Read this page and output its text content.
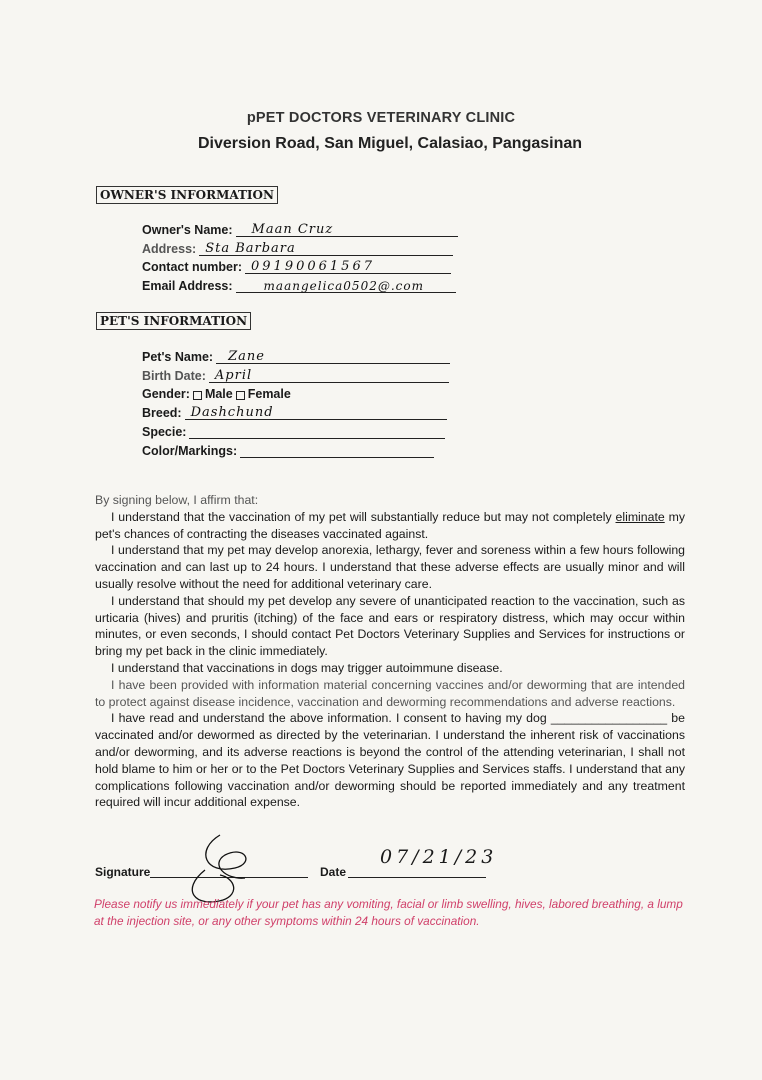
pPET DOCTORS VETERINARY CLINIC
Diversion Road, San Miguel, Calasiao, Pangasinan
OWNER'S INFORMATION
Owner's Name: Maan Cruz
Address: Sta Barbara
Contact number: 09190061567
Email Address:	maangelica0502@.com
PET'S INFORMATION
Pet's Name: Zane
Birth Date: April
Gender: Male Female
Breed: Dashchund
Specie:
Color/Markings:
By signing below, I affirm that:

I understand that the vaccination of my pet will substantially reduce but may not completely eliminate my pet's chances of contracting the diseases vaccinated against.

I understand that my pet may develop anorexia, lethargy, fever and soreness within a few hours following vaccination and can last up to 24 hours. I understand that these adverse effects are usually minor and will usually resolve without the need for additional veterinary care.

I understand that should my pet develop any severe of unanticipated reaction to the vaccination, such as urticaria (hives) and pruritis (itching) of the face and ears or respiratory distress, which may occur within minutes, or even seconds, I should contact Pet Doctors Veterinary Supplies and Services for instructions or bring my pet back in the clinic immediately.

I understand that vaccinations in dogs may trigger autoimmune disease.

I have been provided with information material concerning vaccines and/or deworming that are intended to protect against disease incidence, vaccination and deworming recommendations and adverse reactions.

I have read and understand the above information. I consent to having my dog _________________ be vaccinated and/or dewormed as directed by the veterinarian. I understand the inherent risk of vaccinations and/or deworming, and its adverse reactions is beyond the control of the attending veterinarian, I shall not hold blame to him or her or to the Pet Doctors Veterinary Supplies and Services staffs. I understand that any complications following vaccination and/or deworming should be reported immediately and any treatment required will incur additional expense.

Signature	Date
07/21/23
Please notify us immediately if your pet has any vomiting, facial or limb swelling, hives, labored breathing, a lump at the injection site, or any other symptoms within 24 hours of vaccination.
